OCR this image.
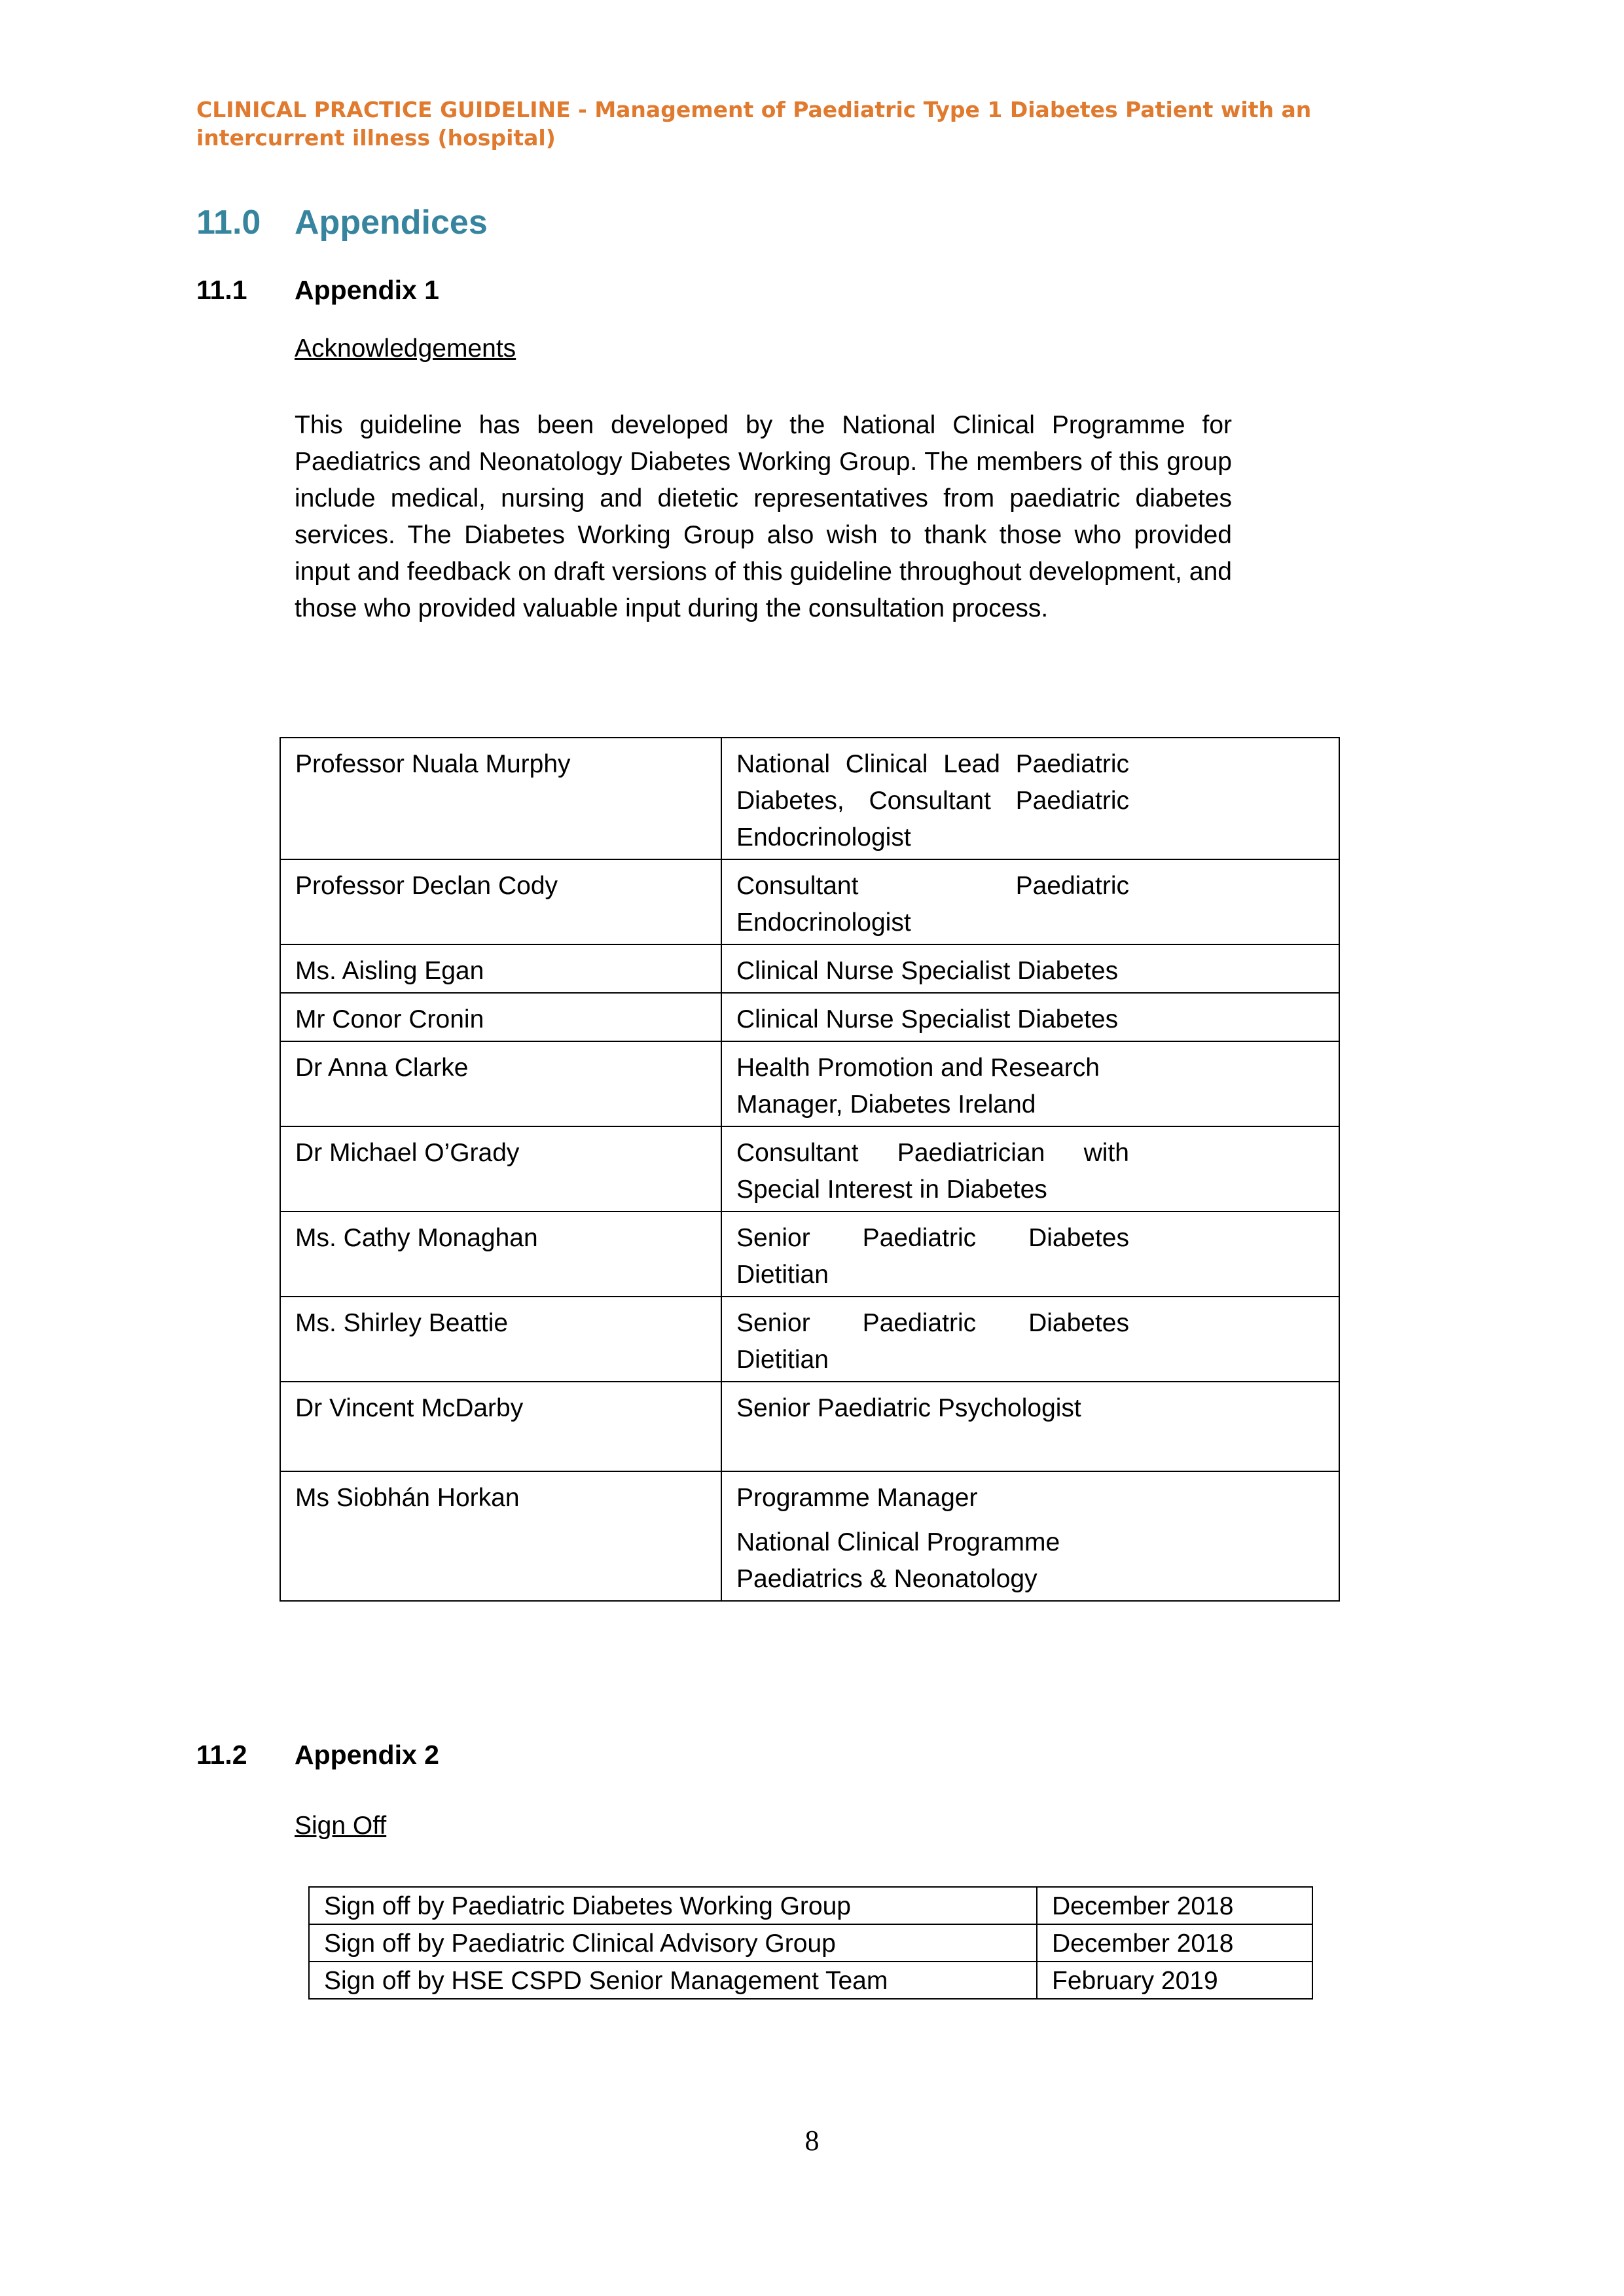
CLINICAL PRACTICE GUIDELINE - Management of Paediatric Type 1 Diabetes Patient with an
intercurrent illness (hospital)
11.0 Appendices
11.1 Appendix 1
Acknowledgements

This guideline has been developed by the National Clinical Programme for Paediatrics and Neonatology Diabetes Working Group. The members of this group include medical, nursing and dietetic representatives from paediatric diabetes services. The Diabetes Working Group also wish to thank those who provided input and feedback on draft versions of this guideline throughout development, and those who provided valuable input during the consultation process.

Professor Nuala Murphy	National Clinical Lead Paediatric Diabetes, Consultant Paediatric Endocrinologist

Professor Declan Cody	Consultant Paediatric Endocrinologist

Ms. Aisling Egan	Clinical Nurse Specialist Diabetes

Mr Conor Cronin	Clinical Nurse Specialist Diabetes

Dr Anna Clarke	Health Promotion and Research Manager, Diabetes Ireland

Dr Michael O’Grady	Consultant Paediatrician with Special Interest in Diabetes

Ms. Cathy Monaghan	Senior Paediatric Diabetes Dietitian

Ms. Shirley Beattie	Senior Paediatric Diabetes Dietitian

Dr Vincent McDarby	Senior Paediatric Psychologist

Ms Siobhán Horkan	Programme Manager
National Clinical Programme Paediatrics & Neonatology
11.2 Appendix 2
Sign Off
Sign off by Paediatric Diabetes Working Group	December 2018
Sign off by Paediatric Clinical Advisory Group	December 2018
Sign off by HSE CSPD Senior Management Team	February 2019
8
